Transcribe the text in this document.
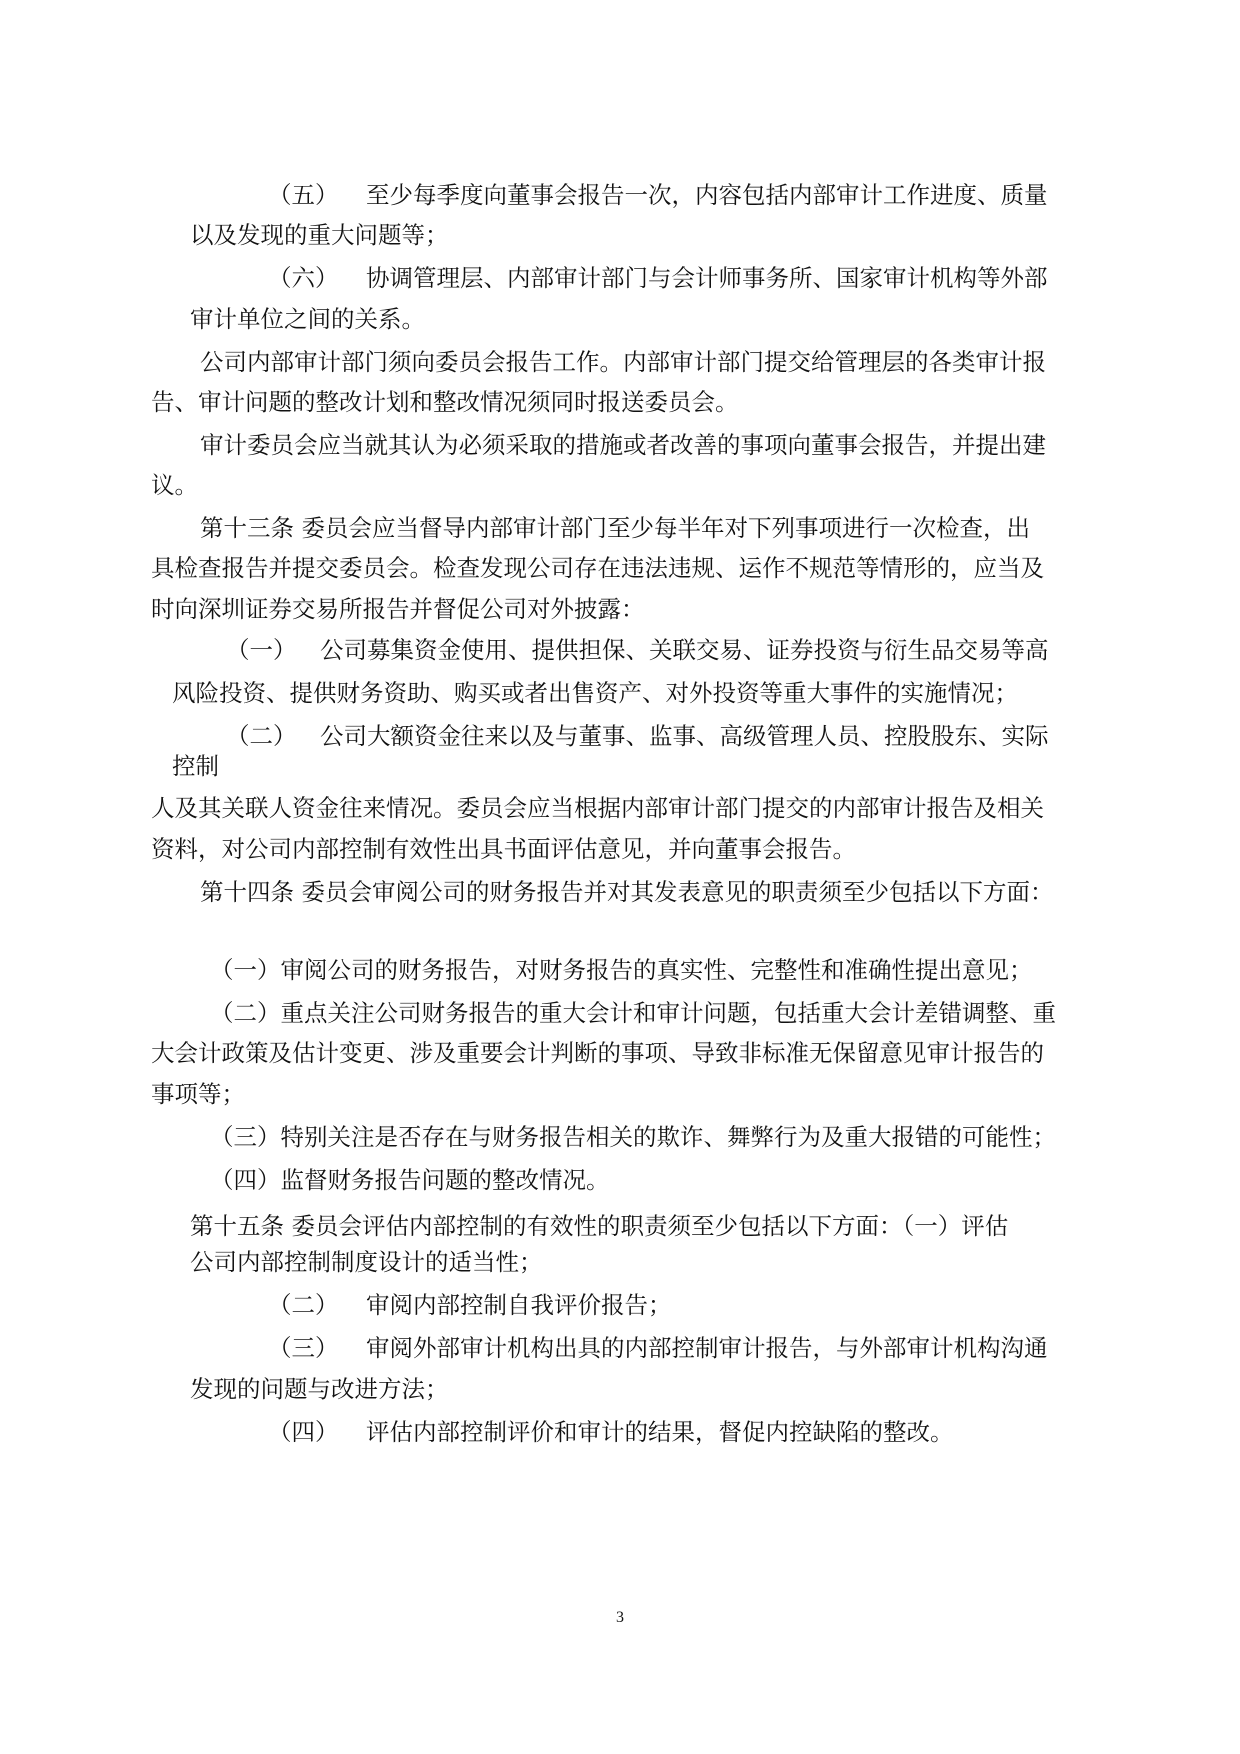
（五） 至少每季度向董事会报告一次，内容包括内部审计工作进度、质量

以及发现的重大问题等；

（六） 协调管理层、内部审计部门与会计师事务所、国家审计机构等外部

审计单位之间的关系。

公司内部审计部门须向委员会报告工作。内部审计部门提交给管理层的各类审计报

告、审计问题的整改计划和整改情况须同时报送委员会。

审计委员会应当就其认为必须采取的措施或者改善的事项向董事会报告，并提出建

议。

第十三条 委员会应当督导内部审计部门至少每半年对下列事项进行一次检查，出

具检查报告并提交委员会。检查发现公司存在违法违规、运作不规范等情形的，应当及

时向深圳证券交易所报告并督促公司对外披露：

（一） 公司募集资金使用、提供担保、关联交易、证券投资与衍生品交易等高

风险投资、提供财务资助、购买或者出售资产、对外投资等重大事件的实施情况；

（二） 公司大额资金往来以及与董事、监事、高级管理人员、控股股东、实际

控制

人及其关联人资金往来情况。委员会应当根据内部审计部门提交的内部审计报告及相关

资料，对公司内部控制有效性出具书面评估意见，并向董事会报告。

第十四条 委员会审阅公司的财务报告并对其发表意见的职责须至少包括以下方面：

（一）审阅公司的财务报告，对财务报告的真实性、完整性和准确性提出意见；

（二）重点关注公司财务报告的重大会计和审计问题，包括重大会计差错调整、重

大会计政策及估计变更、涉及重要会计判断的事项、导致非标准无保留意见审计报告的

事项等；

（三）特别关注是否存在与财务报告相关的欺诈、舞弊行为及重大报错的可能性；

（四）监督财务报告问题的整改情况。

第十五条 委员会评估内部控制的有效性的职责须至少包括以下方面：（一）评估

公司内部控制制度设计的适当性；

（二） 审阅内部控制自我评价报告；

（三） 审阅外部审计机构出具的内部控制审计报告，与外部审计机构沟通

发现的问题与改进方法；

（四） 评估内部控制评价和审计的结果，督促内控缺陷的整改。

3
